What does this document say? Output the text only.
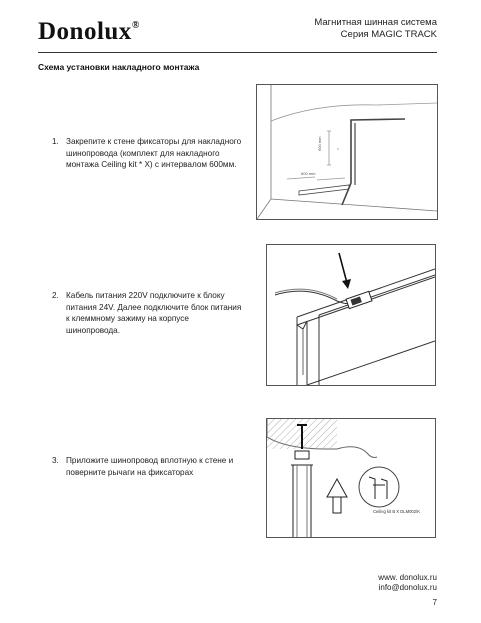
Donolux®	Магнитная шинная система
Серия MAGIC TRACK
Схема установки накладного монтажа
1. Закрепите к стене фиксаторы для накладного шинопровода (комплект для накладного монтажа Ceiling kit * X) с интервалом 600мм.
600 mm
600 mm
2. Кабель питания 220V подключите к блоку питания 24V. Далее подключите блок питания к клеммному зажиму на корпусе шинопровода.
3. Приложите шинопровод вплотную к стене и поверните рычаги на фиксаторах
Ceiling kit B X DLM002/K
www. donolux.ru
info@donolux.ru
7
